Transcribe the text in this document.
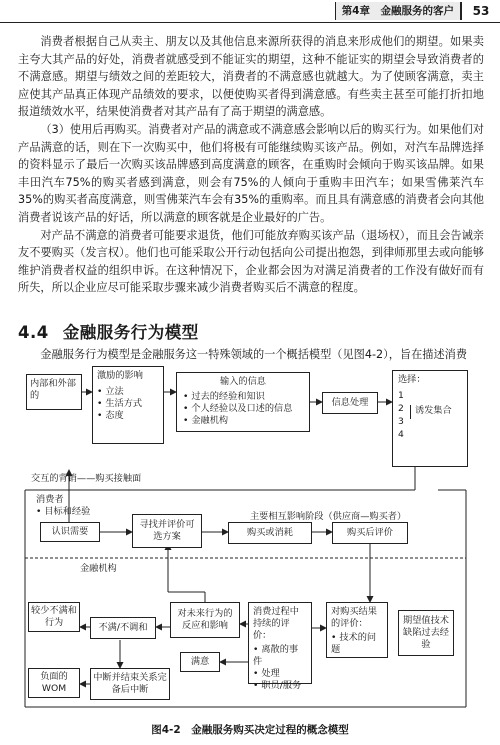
第4章　金融服务的客户	53

消费者根据自己从卖主、朋友以及其他信息来源所获得的消息来形成他们的期望。如果卖主夸大其产品的好处，消费者就感受到不能证实的期望，这种不能证实的期望会导致消费者的不满意感。期望与绩效之间的差距较大，消费者的不满意感也就越大。为了使顾客满意，卖主应使其产品真正体现产品绩效的要求，以便使购买者得到满意感。有些卖主甚至可能打折扣地报道绩效水平，结果使消费者对其产品有了高于期望的满意感。

（3）使用后再购买。消费者对产品的满意或不满意感会影响以后的购买行为。如果他们对产品满意的话，则在下一次购买中，他们将极有可能继续购买该产品。例如，对汽车品牌选择的资料显示了最后一次购买该品牌感到高度满意的顾客，在重购时会倾向于购买该品牌。如果丰田汽车75%的购买者感到满意，则会有75%的人倾向于重购丰田汽车；如果雪佛莱汽车35%的购买者高度满意，则雪佛莱汽车会有35%的重购率。而且具有满意感的消费者会向其他消费者说该产品的好话，所以满意的顾客就是企业最好的广告。

对产品不满意的消费者可能要求退货，他们可能放弃购买该产品（退场权），而且会告诫亲友不要购买（发言权）。他们也可能采取公开行动包括向公司提出抱怨，到律师那里去或向能够维护消费者权益的组织申诉。在这种情况下，企业都会因为对满足消费者的工作没有做好而有所失，所以企业应尽可能采取步骤来减少消费者购买后不满意的程度。

4.4 金融服务行为模型
金融服务行为模型是金融服务这一特殊领域的一个概括模型（见图4-2），旨在描述消费
内部和外部的
激励的影响
• 立法
• 生活方式
• 态度
输入的信息
• 过去的经验和知识
• 个人经验以及口述的信息
• 金融机构
信息处理
选择：
1
2
3
4
诱发集合
交互的背销——购买接触面
消费者
• 目标和经验	主要相互影响阶段（供应商—购买者）
认识需要
寻找并评价可选方案	购买或消耗	购买后评价
金融机构
较少不满和行为	不满/不调和
对未来行为的反应和影响
消费过程中持续的评价：
• 离散的事件
• 处理
• 职员/服务
对购买结果的评价：
• 技术的问题
期望值技术缺陷过去经验
满意
负面的WOM
中断并结束关系完备后中断
图4-2　金融服务购买决定过程的概念模型
